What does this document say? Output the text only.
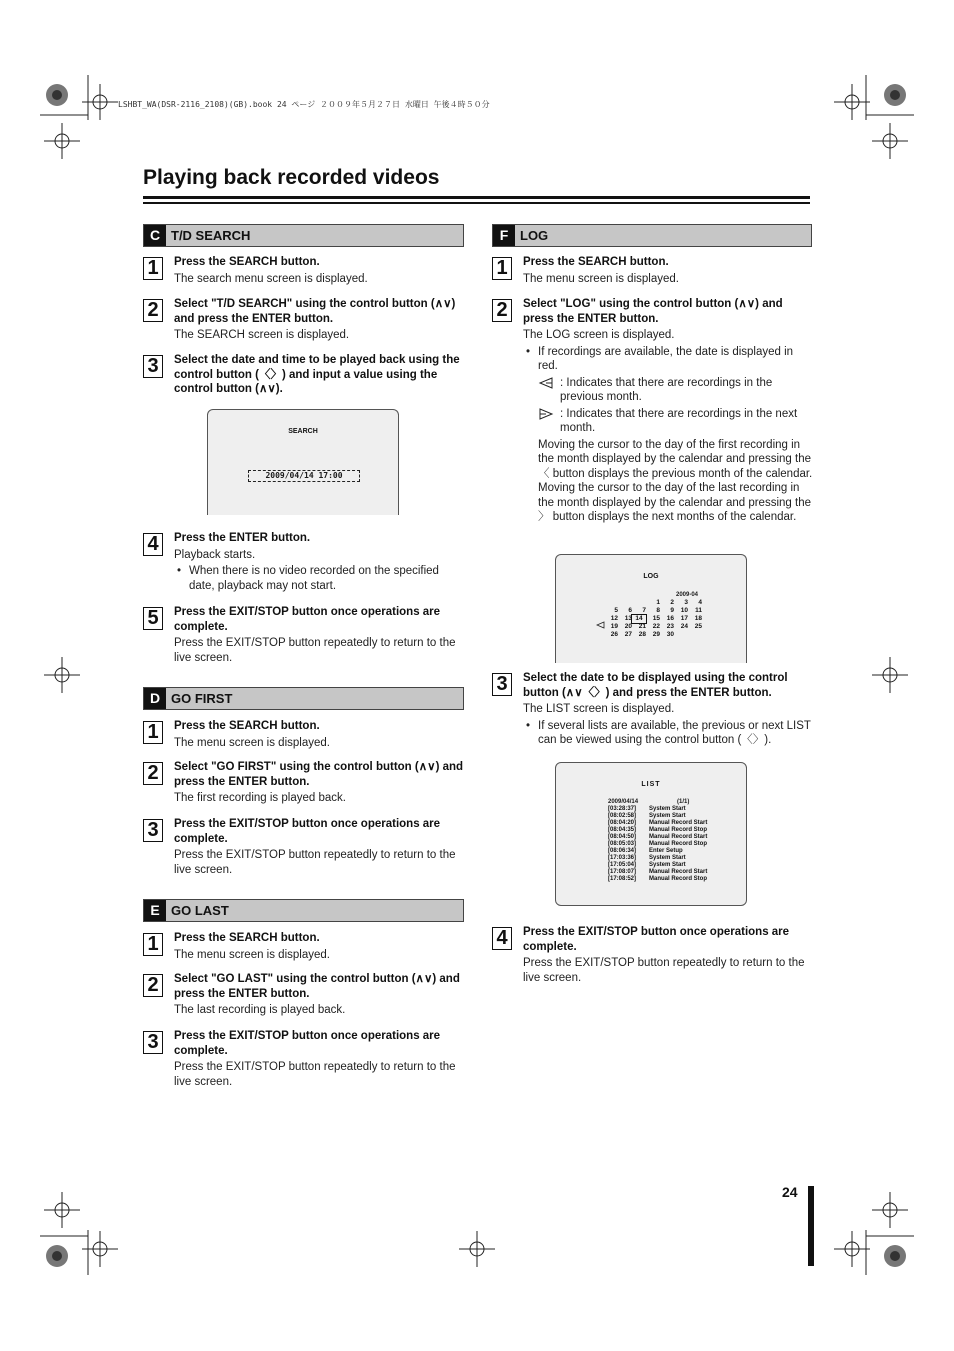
LSHBT_WA(DSR-2116_2108)(GB).book 24 ページ ２００９年５月２７日 水曜日 午後４時５０分
Playing back recorded videos
C T/D SEARCH
1	Press the SEARCH button.
The search menu screen is displayed.
2	Select "T/D SEARCH" using the control button (∧∨) and press the ENTER button.
The SEARCH screen is displayed.
3	Select the date and time to be played back using the control button (〈〉) and input a value using the control button (∧∨).
SEARCH
2009/04/14 17:00
4	Press the ENTER button.
Playback starts.
• When there is no video recorded on the specified date, playback may not start.
5	Press the EXIT/STOP button once operations are complete.
Press the EXIT/STOP button repeatedly to return to the live screen.
D GO FIRST
1	Press the SEARCH button.
The menu screen is displayed.
2	Select "GO FIRST" using the control button (∧∨) and press the ENTER button.
The first recording is played back.
3	Press the EXIT/STOP button once operations are complete.
Press the EXIT/STOP button repeatedly to return to the live screen.
E GO LAST
1	Press the SEARCH button.
The menu screen is displayed.
2	Select "GO LAST" using the control button (∧∨) and press the ENTER button.
The last recording is played back.
3	Press the EXIT/STOP button once operations are complete.
Press the EXIT/STOP button repeatedly to return to the live screen.
F LOG
1	Press the SEARCH button.
The menu screen is displayed.
2	Select "LOG" using the control button (∧∨) and press the ENTER button.
The LOG screen is displayed.
• If recordings are available, the date is displayed in red.
: Indicates that there are recordings in the previous month.
: Indicates that there are recordings in the next month.
Moving the cursor to the day of the first recording in the month displayed by the calendar and pressing the 〈 button displays the previous month of the calendar. Moving the cursor to the day of the last recording in the month displayed by the calendar and pressing the 〉 button displays the next months of the calendar.
LOG
2009-04
			1	2	3	4
5	6	7	8	9	10	11
12	13	14	15	16	17	18
19	20	21	22	23	24	25
26	27	28	29	30		
3	Select the date to be displayed using the control button (∧∨〈〉) and press the ENTER button.
The LIST screen is displayed.
• If several lists are available, the previous or next LIST can be viewed using the control button (〈〉).
LIST
2009/04/14	(1/1)
[03:28:37] System Start
[08:02:58] System Start
[08:04:20] Manual Record Start
[08:04:35] Manual Record Stop
[08:04:50] Manual Record Start
[08:05:03] Manual Record Stop
[08:06:34] Enter Setup
[17:03:36] System Start
[17:05:04] System Start
[17:08:07] Manual Record Start
[17:08:52] Manual Record Stop
4	Press the EXIT/STOP button once operations are complete.
Press the EXIT/STOP button repeatedly to return to the live screen.
24
